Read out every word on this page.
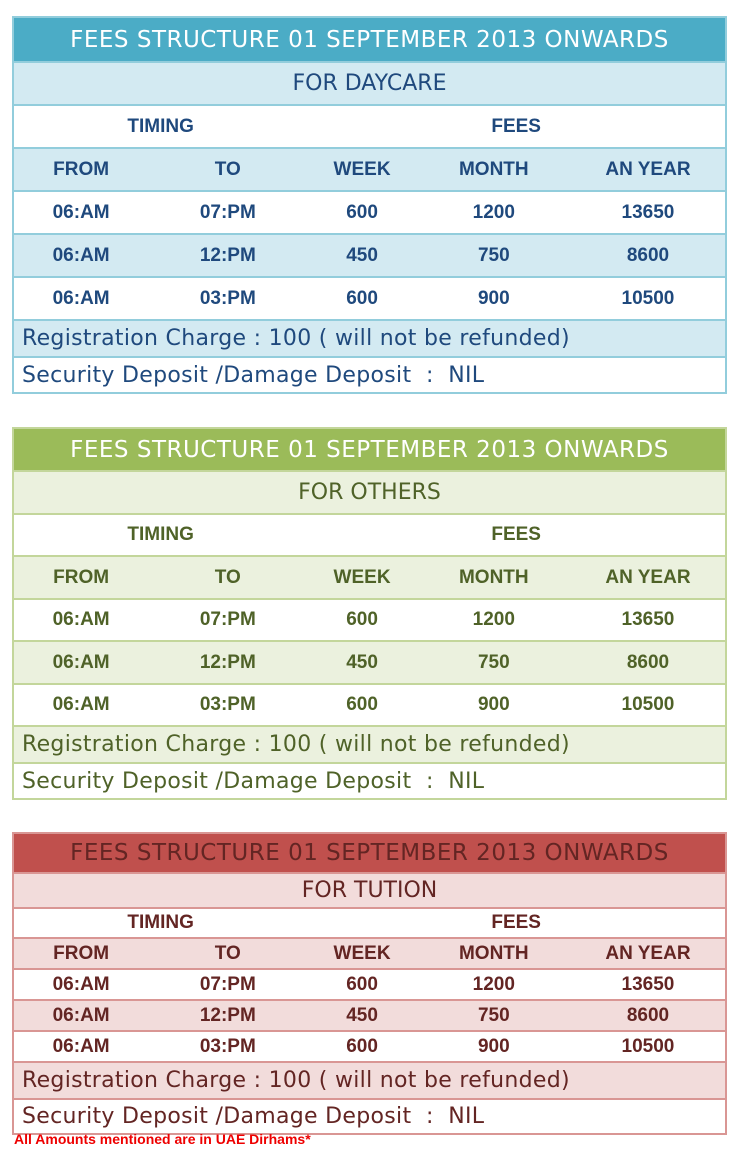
FEES STRUCTURE 01 SEPTEMBER 2013 ONWARDS
FOR DAYCARE
TIMING	FEES
FROM	TO	WEEK	MONTH	AN YEAR
06:AM	07:PM	600	1200	13650
06:AM	12:PM	450	750	8600
06:AM	03:PM	600	900	10500
Registration Charge : 100 ( will not be refunded)
Security Deposit /Damage Deposit  :  NIL
FEES STRUCTURE 01 SEPTEMBER 2013 ONWARDS
FOR OTHERS
TIMING	FEES
FROM	TO	WEEK	MONTH	AN YEAR
06:AM	07:PM	600	1200	13650
06:AM	12:PM	450	750	8600
06:AM	03:PM	600	900	10500
Registration Charge : 100 ( will not be refunded)
Security Deposit /Damage Deposit  :  NIL
FEES STRUCTURE 01 SEPTEMBER 2013 ONWARDS
FOR TUTION
TIMING	FEES
FROM	TO	WEEK	MONTH	AN YEAR
06:AM	07:PM	600	1200	13650
06:AM	12:PM	450	750	8600
06:AM	03:PM	600	900	10500
Registration Charge : 100 ( will not be refunded)
Security Deposit /Damage Deposit  :  NIL
All Amounts mentioned are in UAE Dirhams*
